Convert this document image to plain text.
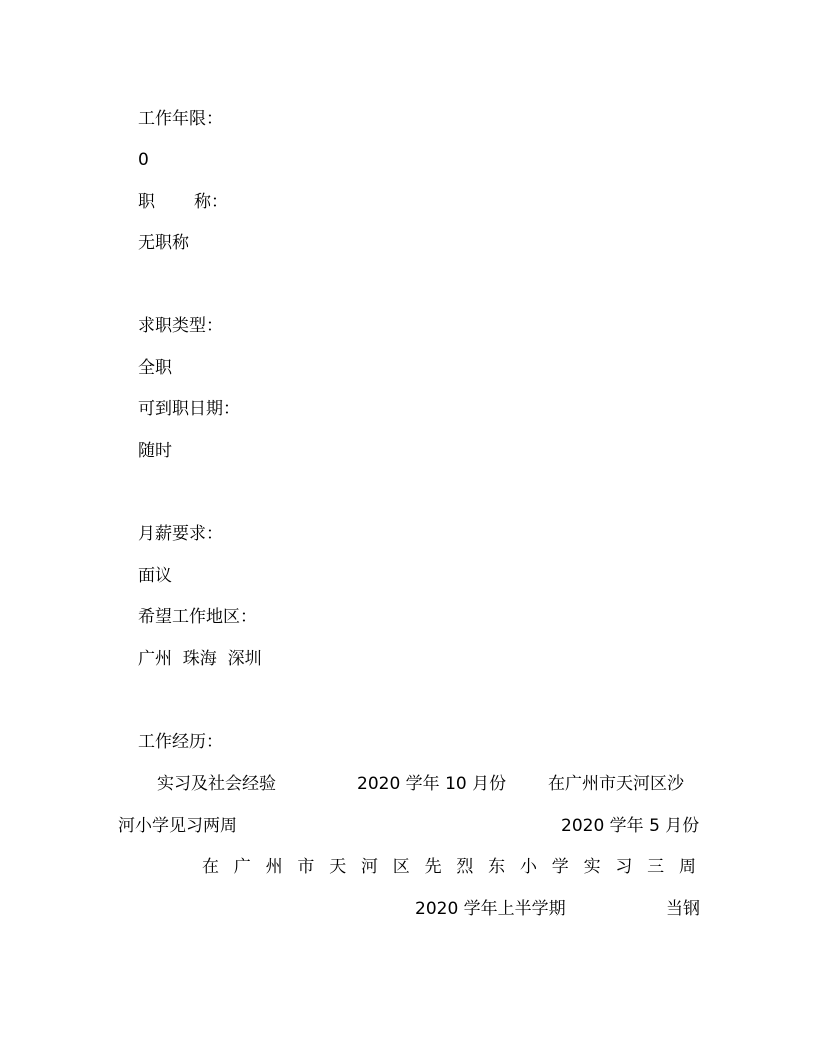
工作年限：
0
职 称：
无职称
求职类型：
全职
可到职日期：
随时
月薪要求：
面议
希望工作地区：
广州  珠海  深圳
工作经历：
实习及社会经验	2020 学年 10 月份 在广州市天河区沙
河小学见习两周	2020 学年 5 月份
在 广 州 市 天 河 区 先 烈 东 小 学 实 习 三 周
2020 学年上半学期	当钢
